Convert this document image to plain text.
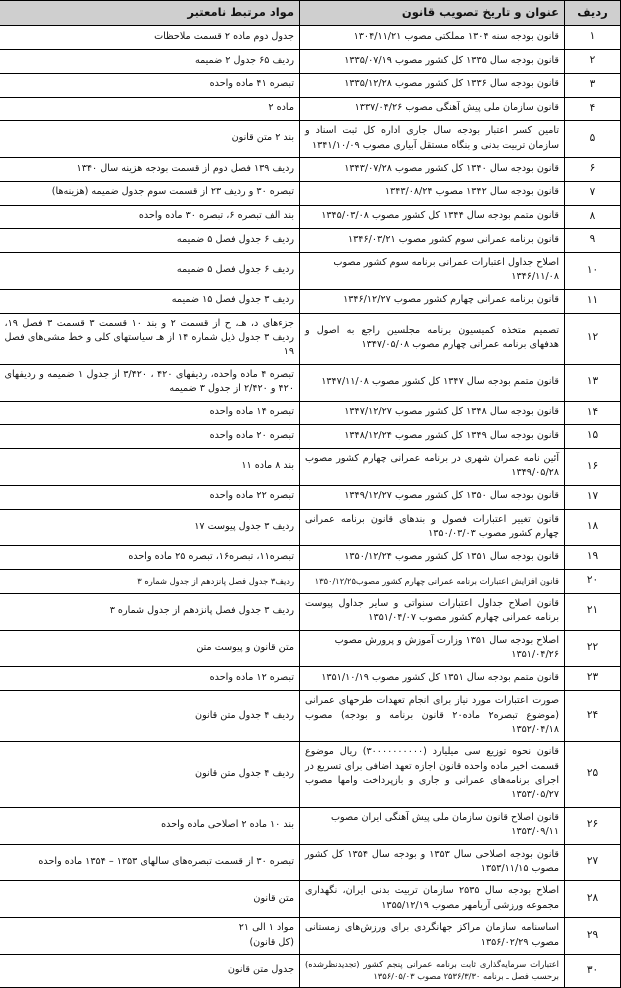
ردیف	عنوان و تاریخ تصویب قانون	مواد مرتبط نامعتبر
۱	قانون بودجه سنه ۱۳۰۴ مملکتی مصوب ۱۳۰۴/۱۱/۲۱	جدول دوم ماده ۲ قسمت ملاحظات
۲	قانون بودجه سال ۱۳۳۵ کل کشور مصوب ۱۳۳۵/۰۷/۱۹	ردیف ۶۵ جدول ۲ ضمیمه
۳	قانون بودجه سال ۱۳۳۶ کل کشور مصوب ۱۳۳۵/۱۲/۲۸	تبصره ۴۱ ماده واحده
۴	قانون سازمان ملی پیش آهنگی مصوب ۱۳۳۷/۰۴/۲۶	ماده ۲
۵	تامین کسر اعتبار بودجه سال جاری اداره کل ثبت اسناد و سازمان تربیت بدنی و بنگاه مستقل آبیاری مصوب ۱۳۴۱/۱۰/۰۹	بند ۲ متن قانون
۶	قانون بودجه سال ۱۳۴۰ کل کشور مصوب ۱۳۴۳/۰۷/۲۸	ردیف ۱۳۹ فصل دوم از قسمت بودجه هزینه سال ۱۳۴۰
۷	قانون بودجه سال ۱۳۴۲ مصوب ۱۳۴۳/۰۸/۲۴	تبصره ۳۰ و ردیف ۲۳ از قسمت سوم جدول ضمیمه (هزینه‌ها)
۸	قانون متمم بودجه سال ۱۳۴۴ کل کشور مصوب ۱۳۴۵/۰۳/۰۸	بند الف تبصره ۶، تبصره ۳۰ ماده واحده
۹	قانون برنامه عمرانی سوم کشور مصوب ۱۳۴۶/۰۳/۲۱	ردیف ۶ جدول فصل ۵ ضمیمه
۱۰	اصلاح جداول اعتبارات عمرانی برنامه سوم کشور مصوب ۱۳۴۶/۱۱/۰۸	ردیف ۶ جدول فصل ۵ ضمیمه
۱۱	قانون برنامه عمرانی چهارم کشور مصوب ۱۳۴۶/۱۲/۲۷	ردیف ۳ جدول فصل ۱۵ ضمیمه
۱۲	تصمیم متخذه کمیسیون برنامه مجلسین راجع به اصول و هدفهای برنامه عمرانی چهارم مصوب ۱۳۴۷/۰۵/۰۸	جزءهای د، هـ، ح از قسمت ۲ و بند ۱۰ قسمت ۳ قسمت ۳ فصل ۱۹، ردیف ۳ جدول ذیل شماره ۱۴ از هـ سیاستهای کلی و خط مشی‌های فصل ۱۹
۱۳	قانون متمم بودجه سال ۱۳۴۷ کل کشور مصوب ۱۳۴۷/۱۱/۰۸	تبصره ۴ ماده واحده، ردیفهای ۴۲۰ ، ۳/۴۲۰ از جدول ۱ ضمیمه و ردیفهای ۴۲۰ و ۲/۴۲۰ از جدول ۳ ضمیمه
۱۴	قانون بودجه سال ۱۳۴۸ کل کشور مصوب ۱۳۴۷/۱۲/۲۷	تبصره ۱۴ ماده واحده
۱۵	قانون بودجه سال ۱۳۴۹ کل کشور مصوب ۱۳۴۸/۱۲/۲۴	تبصره ۲۰ ماده واحده
۱۶	آئین نامه عمران شهری در برنامه عمرانی چهارم کشور مصوب ۱۳۴۹/۰۵/۲۸	بند ۸ ماده ۱۱
۱۷	قانون بودجه سال ۱۳۵۰ کل کشور مصوب ۱۳۴۹/۱۲/۲۷	تبصره ۲۲ ماده واحده
۱۸	قانون تغییر اعتبارات فصول و بندهای قانون برنامه عمرانی چهارم کشور مصوب ۱۳۵۰/۰۳/۰۳	ردیف ۳ جدول پیوست ۱۷
۱۹	قانون بودجه سال ۱۳۵۱ کل کشور مصوب ۱۳۵۰/۱۲/۲۴	تبصره۱۱، تبصره۱۶، تبصره ۲۵ ماده واحده
۲۰	قانون افزایش اعتبارات برنامه عمرانی چهارم کشور مصوب۱۳۵۰/۱۲/۲۵	ردیف۳ جدول فصل پانزدهم از جدول شماره ۳
۲۱	قانون اصلاح جداول اعتبارات سنواتی و سایر جداول پیوست برنامه عمرانی چهارم کشور مصوب ۱۳۵۱/۰۴/۰۷	ردیف ۳ جدول فصل پانزدهم از جدول شماره ۳
۲۲	اصلاح بودجه سال ۱۳۵۱ وزارت آموزش و پرورش مصوب ۱۳۵۱/۰۴/۲۶	متن قانون و پیوست متن
۲۳	قانون متمم بودجه سال ۱۳۵۱ کل کشور مصوب ۱۳۵۱/۱۰/۱۹	تبصره ۱۲ ماده واحده
۲۴	صورت اعتبارات مورد نیاز برای انجام تعهدات طرحهای عمرانی (موضوع تبصره۲ ماده۲۰ قانون برنامه و بودجه) مصوب ۱۳۵۲/۰۴/۱۸	ردیف ۴ جدول متن قانون
۲۵	قانون نحوه توزیع سی میلیارد (۳۰۰۰۰۰۰۰۰۰۰) ریال موضوع قسمت اخیر ماده واحده قانون اجازه تعهد اضافی برای تسریع در اجرای برنامه‌های عمرانی و جاری و بازپرداخت وامها مصوب ۱۳۵۳/۰۵/۲۷	ردیف ۴ جدول متن قانون
۲۶	قانون اصلاح قانون سازمان ملی پیش آهنگی ایران مصوب ۱۳۵۳/۰۹/۱۱	بند ۱۰ ماده ۲ اصلاحی ماده واحده
۲۷	قانون بودجه اصلاحی سال ۱۳۵۳ و بودجه سال ۱۳۵۴ کل کشور مصوب ۱۳۵۳/۱۱/۱۵	تبصره ۳۰ از قسمت تبصره‌های سالهای ۱۳۵۳ – ۱۳۵۴ ماده واحده
۲۸	اصلاح بودجه سال ۲۵۳۵ سازمان تربیت بدنی ایران، نگهداری مجموعه ورزشی آریامهر مصوب ۱۳۵۵/۱۲/۱۹	متن قانون
۲۹	اساسنامه سازمان مراکز جهانگردی برای ورزش‌های زمستانی مصوب ۱۳۵۶/۰۲/۲۹	مواد ۱ الی ۲۱
(کل قانون)

۳۰	اعتبارات سرمایه‌گذاری ثابت برنامه عمرانی پنجم کشور (تجدیدنظرشده) برحسب فصل ـ برنامه ۲۵۳۶/۳/۳۰ مصوب ۱۳۵۶/۰۵/۰۳	جدول متن قانون
